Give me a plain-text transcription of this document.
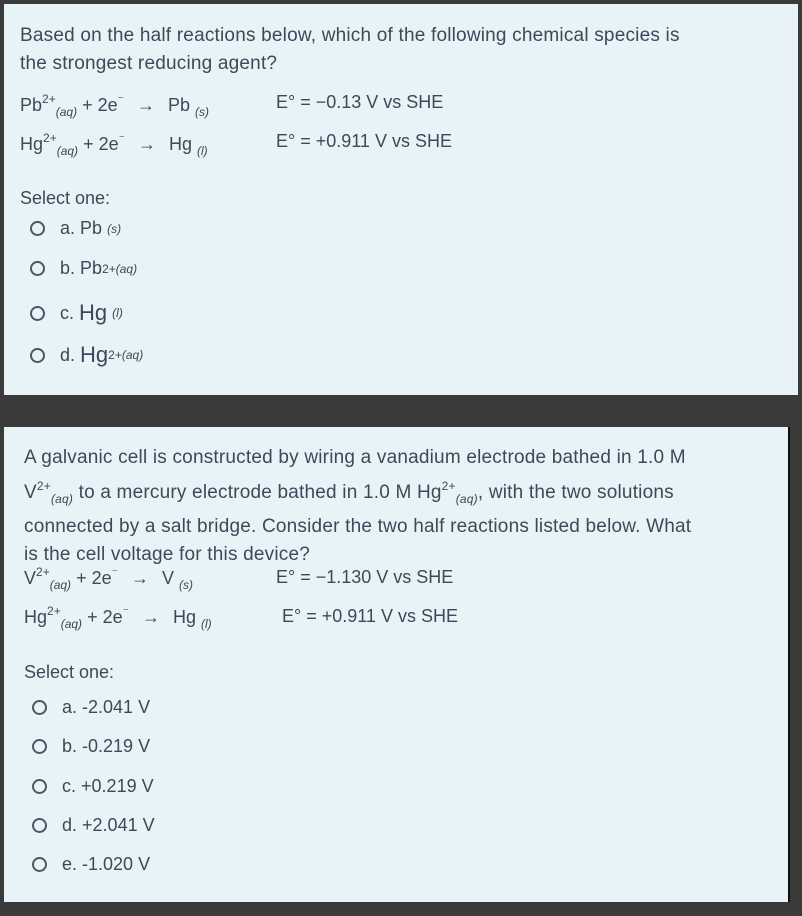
Based on the half reactions below, which of the following chemical species is
the strongest reducing agent?
$Pb^{2+}_{(aq)} + 2e^{^-} \to Pb$ $_{(s)}$	E° = −0.13 V vs SHE
$Hg^{2+}_{(aq)} + 2e^{^-} \to Hg$ $_{(l)}$	E° = +0.911 V vs SHE
Select one:
a.
Pb
(s)
b.
Pb 2+ (aq)
c.
Hg
(l)
d.
Hg 2+ (aq)
A galvanic cell is constructed by wiring a vanadium electrode bathed in 1.0 M
$V^{2+}_{(aq)}$ to a mercury electrode bathed in 1.0 M $Hg^{2+}_{(aq)}$, with the two solutions
connected by a salt bridge. Consider the two half reactions listed below. What
is the cell voltage for this device?
$V^{2+}_{(aq)} + 2e^{^-} \to V$ $_{(s)}$	E° = −1.130 V vs SHE
$Hg^{2+}_{(aq)} + 2e^{^-} \to Hg$ $_{(l)}$	E° = +0.911 V vs SHE
Select one:
a.
-2.041 V
b.
-0.219 V
c.
+0.219 V
d.
+2.041 V
e.
-1.020 V
